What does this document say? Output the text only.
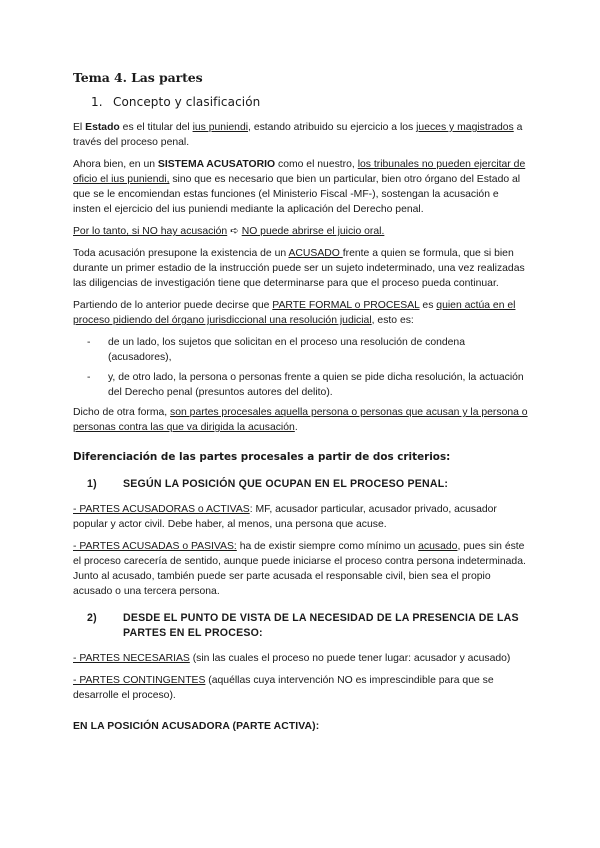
Tema 4. Las partes
1. Concepto y clasificación

El Estado es el titular del ius puniendi, estando atribuido su ejercicio a los jueces y magistrados a través del proceso penal.

Ahora bien, en un SISTEMA ACUSATORIO como el nuestro, los tribunales no pueden ejercitar de oficio el ius puniendi, sino que es necesario que bien un particular, bien otro órgano del Estado al que se le encomiendan estas funciones (el Ministerio Fiscal -MF-), sostengan la acusación e insten el ejercicio del ius puniendi mediante la aplicación del Derecho penal.

Por lo tanto, si NO hay acusación ➪ NO puede abrirse el juicio oral.

Toda acusación presupone la existencia de un ACUSADO frente a quien se formula, que si bien durante un primer estadio de la instrucción puede ser un sujeto indeterminado, una vez realizadas las diligencias de investigación tiene que determinarse para que el proceso pueda continuar.

Partiendo de lo anterior puede decirse que PARTE FORMAL o PROCESAL es quien actúa en el proceso pidiendo del órgano jurisdiccional una resolución judicial, esto es:

- de un lado, los sujetos que solicitan en el proceso una resolución de condena (acusadores),
- y, de otro lado, la persona o personas frente a quien se pide dicha resolución, la actuación del Derecho penal (presuntos autores del delito).

Dicho de otra forma, son partes procesales aquella persona o personas que acusan y la persona o personas contra las que va dirigida la acusación.

Diferenciación de las partes procesales a partir de dos criterios:
1) SEGÚN LA POSICIÓN QUE OCUPAN EN EL PROCESO PENAL:

- PARTES ACUSADORAS o ACTIVAS: MF, acusador particular, acusador privado, acusador popular y actor civil. Debe haber, al menos, una persona que acuse.

- PARTES ACUSADAS o PASIVAS: ha de existir siempre como mínimo un acusado, pues sin éste el proceso carecería de sentido, aunque puede iniciarse el proceso contra persona indeterminada. Junto al acusado, también puede ser parte acusada el responsable civil, bien sea el propio acusado o una tercera persona.

2) DESDE EL PUNTO DE VISTA DE LA NECESIDAD DE LA PRESENCIA DE LAS PARTES EN EL PROCESO:

- PARTES NECESARIAS (sin las cuales el proceso no puede tener lugar: acusador y acusado)

- PARTES CONTINGENTES (aquéllas cuya intervención NO es imprescindible para que se desarrolle el proceso).

EN LA POSICIÓN ACUSADORA (PARTE ACTIVA):
